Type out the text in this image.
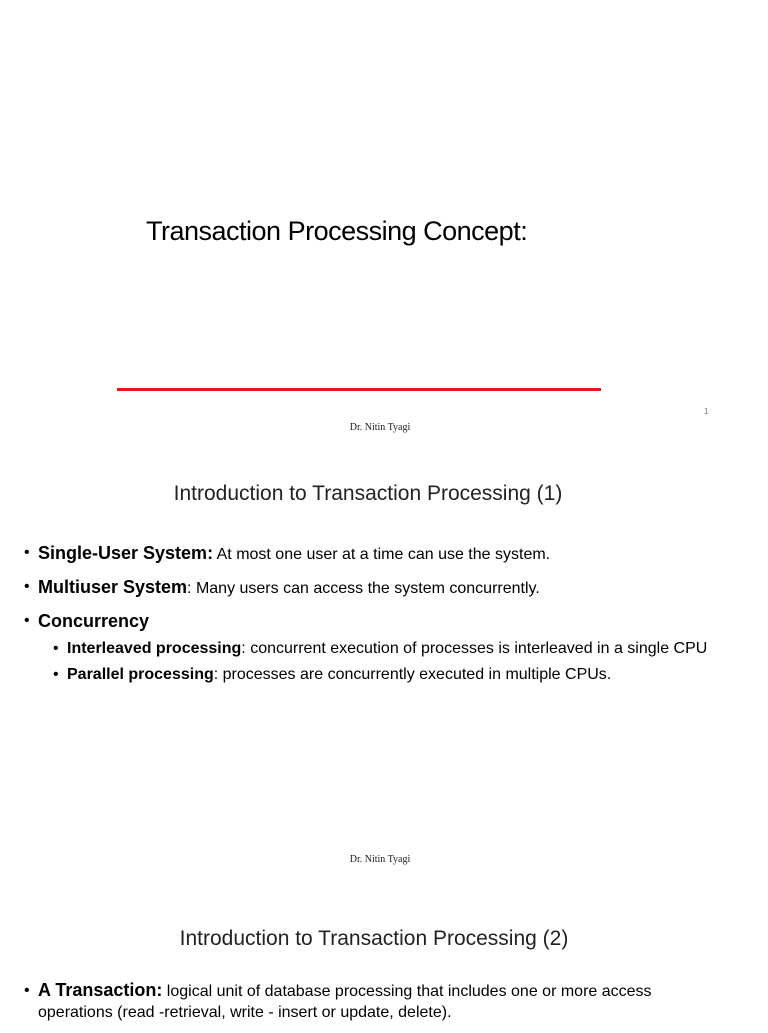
Transaction Processing Concept:
1
Dr. Nitin Tyagi
Introduction to Transaction Processing (1)
• Single-User System: At most one user at a time can use the system.
• Multiuser System: Many users can access the system concurrently.
• Concurrency
• Interleaved processing: concurrent execution of processes is interleaved in a single CPU
• Parallel processing: processes are concurrently executed in multiple CPUs.
Dr. Nitin Tyagi
Introduction to Transaction Processing (2)
• A Transaction: logical unit of database processing that includes one or more access operations (read -retrieval, write - insert or update, delete).
